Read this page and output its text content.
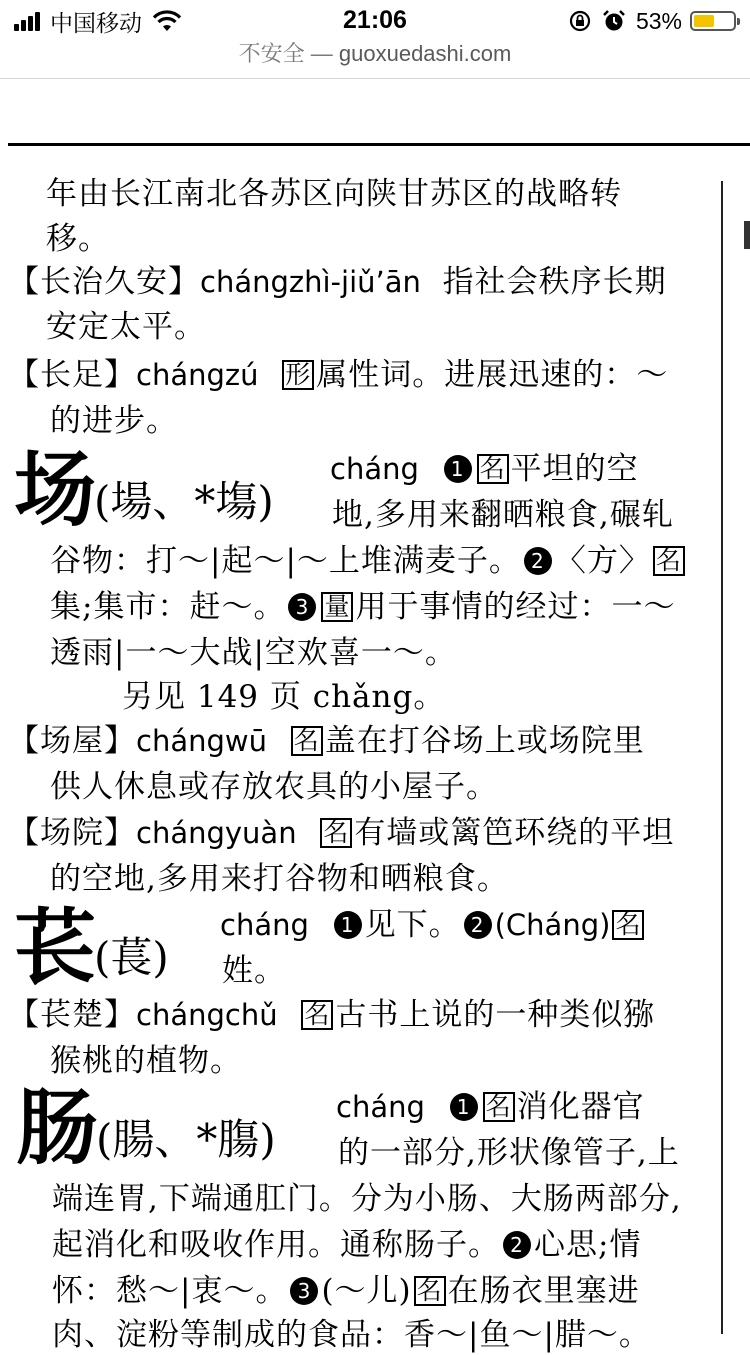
中国移动	21:06	53%
不安全 — guoxuedashi.com
年由长江南北各苏区向陕甘苏区的战略转
移。
【长治久安】chángzhì-jiǔ’ān 指社会秩序长期
安定太平。
【长足】chángzú 形 属性词。进展迅速的：～
的进步。
场
(場、*塲)
cháng 1 名 平坦的空
地,多用来翻晒粮食,碾轧
谷物：打～|起～|～上堆满麦子。 2 〈方〉 名
集;集市：赶～。 3 量 用于事情的经过：一～
透雨|一～大战|空欢喜一～。
另见 149 页 chǎng。
【场屋】chángwū 名 盖在打谷场上或场院里
供人休息或存放农具的小屋子。
【场院】chángyuàn 名 有墙或篱笆环绕的平坦
的空地,多用来打谷物和晒粮食。
苌
(萇)
cháng 1 见下。 2 (Cháng) 名
姓。
【苌楚】chángchǔ 名 古书上说的一种类似猕
猴桃的植物。
肠
(腸、*膓)
cháng 1 名 消化器官
的一部分,形状像管子,上
端连胃,下端通肛门。分为小肠、大肠两部分,
起消化和吸收作用。通称肠子。 2 心思;情
怀：愁～|衷～。 3 (～儿) 名 在肠衣里塞进
肉、淀粉等制成的食品：香～|鱼～|腊～。
